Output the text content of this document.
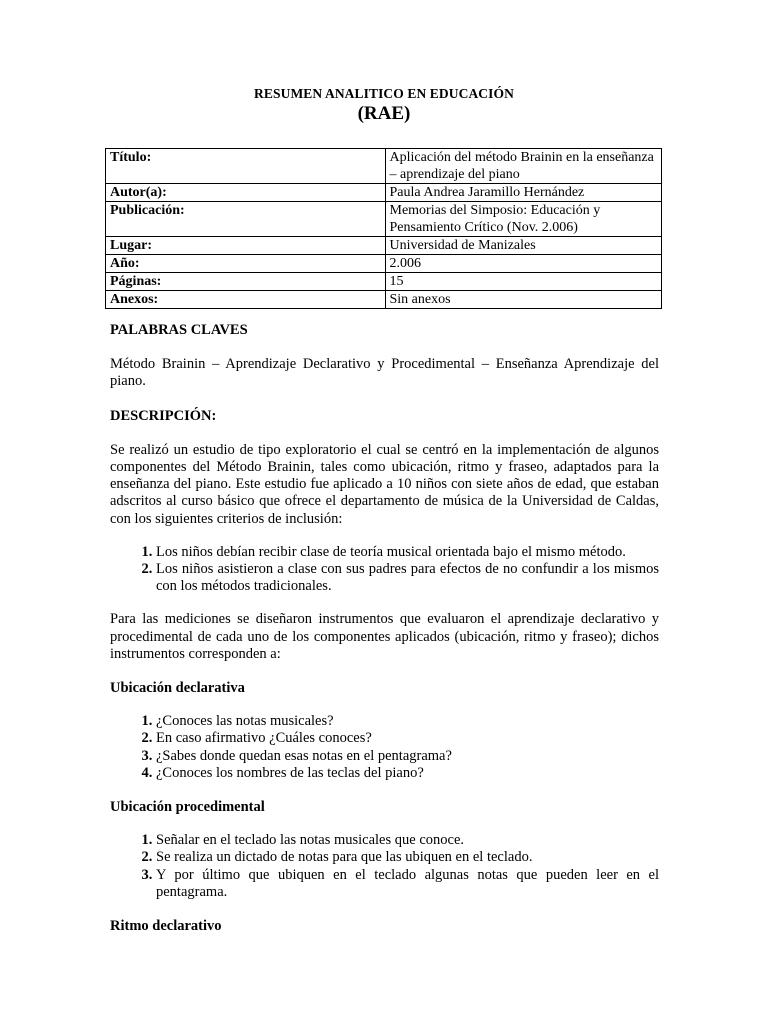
RESUMEN ANALITICO EN EDUCACIÓN
(RAE)
Título:	Aplicación del método Brainin en la enseñanza – aprendizaje del piano
Autor(a):	Paula Andrea Jaramillo Hernández
Publicación:	Memorias del Simposio: Educación y Pensamiento Crítico (Nov. 2.006)
Lugar:	Universidad de Manizales
Año:	2.006
Páginas:	15
Anexos:	Sin anexos

PALABRAS CLAVES

Método Brainin – Aprendizaje Declarativo y Procedimental – Enseñanza Aprendizaje del piano.

DESCRIPCIÓN:

Se realizó un estudio de tipo exploratorio el cual se centró en la implementación de algunos componentes del Método Brainin, tales como ubicación, ritmo y fraseo, adaptados para la enseñanza del piano. Este estudio fue aplicado a 10 niños con siete años de edad, que estaban adscritos al curso básico que ofrece el departamento de música de la Universidad de Caldas, con los siguientes criterios de inclusión:

1. Los niños debían recibir clase de teoría musical orientada bajo el mismo método.
2. Los niños asistieron a clase con sus padres para efectos de no confundir a los mismos con los métodos tradicionales.

Para las mediciones se diseñaron instrumentos que evaluaron el aprendizaje declarativo y procedimental de cada uno de los componentes aplicados (ubicación, ritmo y fraseo); dichos instrumentos corresponden a:

Ubicación declarativa

1. ¿Conoces las notas musicales?
2. En caso afirmativo ¿Cuáles conoces?
3. ¿Sabes donde quedan esas notas en el pentagrama?
4. ¿Conoces los nombres de las teclas del piano?

Ubicación procedimental

1. Señalar en el teclado las notas musicales que conoce.
2. Se realiza un dictado de notas para que las ubiquen en el teclado.
3. Y por último que ubiquen en el teclado algunas notas que pueden leer en el pentagrama.

Ritmo declarativo
